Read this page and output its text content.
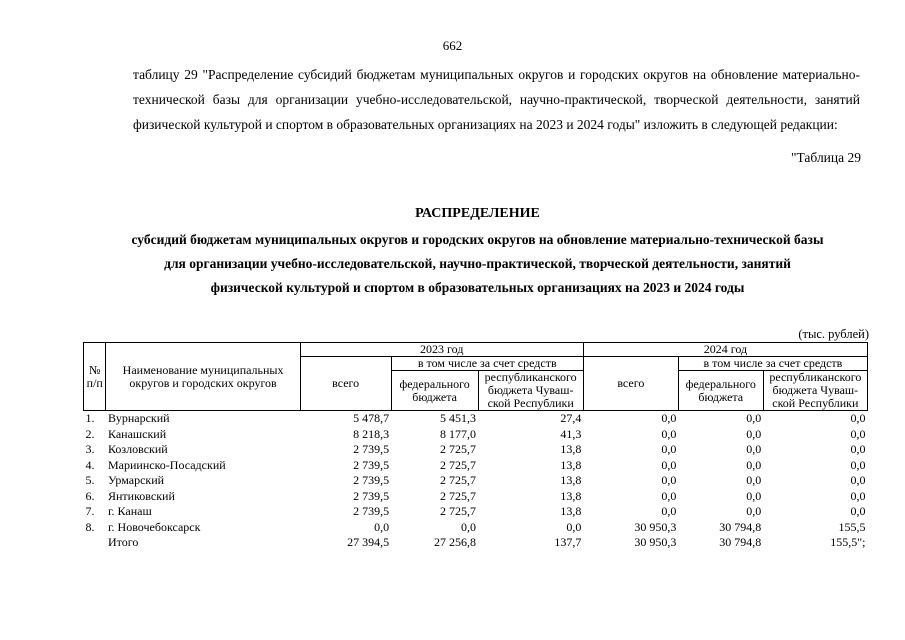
662
таблицу 29 "Распределение субсидий бюджетам муниципальных округов и городских округов на обновление материально-технической базы для организации учебно-исследовательской, научно-практической, творческой деятельности, занятий физической культурой и спортом в образовательных организациях на 2023 и 2024 годы" изложить в следующей редакции:
"Таблица 29
РАСПРЕДЕЛЕНИЕ
субсидий бюджетам муниципальных округов и городских округов на обновление материально-технической базы
для организации учебно-исследовательской, научно-практической, творческой деятельности, занятий
физической культурой и спортом в образовательных организациях на 2023 и 2024 годы
(тыс. рублей)
№ п/п	Наименование муниципальных округов и городских округов	2023 год			2024 год		
		всего	в том числе за счет средств		всего	в том числе за счет средств	
			федерального бюджета	республиканского бюджета Чуваш-ской Республики		федерального бюджета	республиканского бюджета Чуваш-ской Республики
1.	Вурнарский	5 478,7	5 451,3	27,4	0,0	0,0	0,0
2.	Канашский	8 218,3	8 177,0	41,3	0,0	0,0	0,0
3.	Козловский	2 739,5	2 725,7	13,8	0,0	0,0	0,0
4.	Мариинско-Посадский	2 739,5	2 725,7	13,8	0,0	0,0	0,0
5.	Урмарский	2 739,5	2 725,7	13,8	0,0	0,0	0,0
6.	Янтиковский	2 739,5	2 725,7	13,8	0,0	0,0	0,0
7.	г. Канаш	2 739,5	2 725,7	13,8	0,0	0,0	0,0
8.	г. Новочебоксарск	0,0	0,0	0,0	30 950,3	30 794,8	155,5
	Итого	27 394,5	27 256,8	137,7	30 950,3	30 794,8	155,5";
